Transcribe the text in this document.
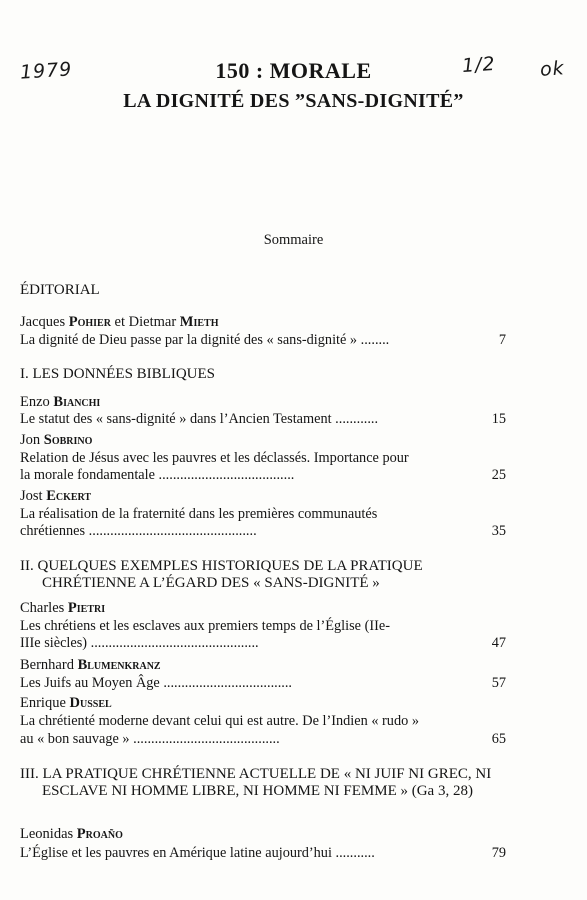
1979	1/2 ok
150 : MORALE
LA DIGNITÉ DES ”SANS-DIGNITÉ”
Sommaire
ÉDITORIAL
Jacques Pohier et Dietmar Mieth
La dignité de Dieu passe par la dignité des « sans-dignité » ........	7
I. LES DONNÉES BIBLIQUES
Enzo Bianchi
Le statut des « sans-dignité » dans l’Ancien Testament ............	15
Jon Sobrino
Relation de Jésus avec les pauvres et les déclassés. Importance pour
la morale fondamentale ......................................	25
Jost Eckert
La réalisation de la fraternité dans les premières communautés
chrétiennes ...............................................	35
II. QUELQUES EXEMPLES HISTORIQUES DE LA PRATIQUE CHRÉTIENNE A L’ÉGARD DES « SANS-DIGNITÉ »
Charles Pietri
Les chrétiens et les esclaves aux premiers temps de l’Église (IIe-
IIIe siècles) ...............................................	47
Bernhard Blumenkranz
Les Juifs au Moyen Âge ....................................	57
Enrique Dussel
La chrétienté moderne devant celui qui est autre. De l’Indien « rudo »
au « bon sauvage » .........................................	65
III. LA PRATIQUE CHRÉTIENNE ACTUELLE DE « NI JUIF NI GREC, NI ESCLAVE NI HOMME LIBRE, NI HOMME NI FEMME » (Ga 3, 28)
Leonidas Proaño
L’Église et les pauvres en Amérique latine aujourd’hui ...........	79
